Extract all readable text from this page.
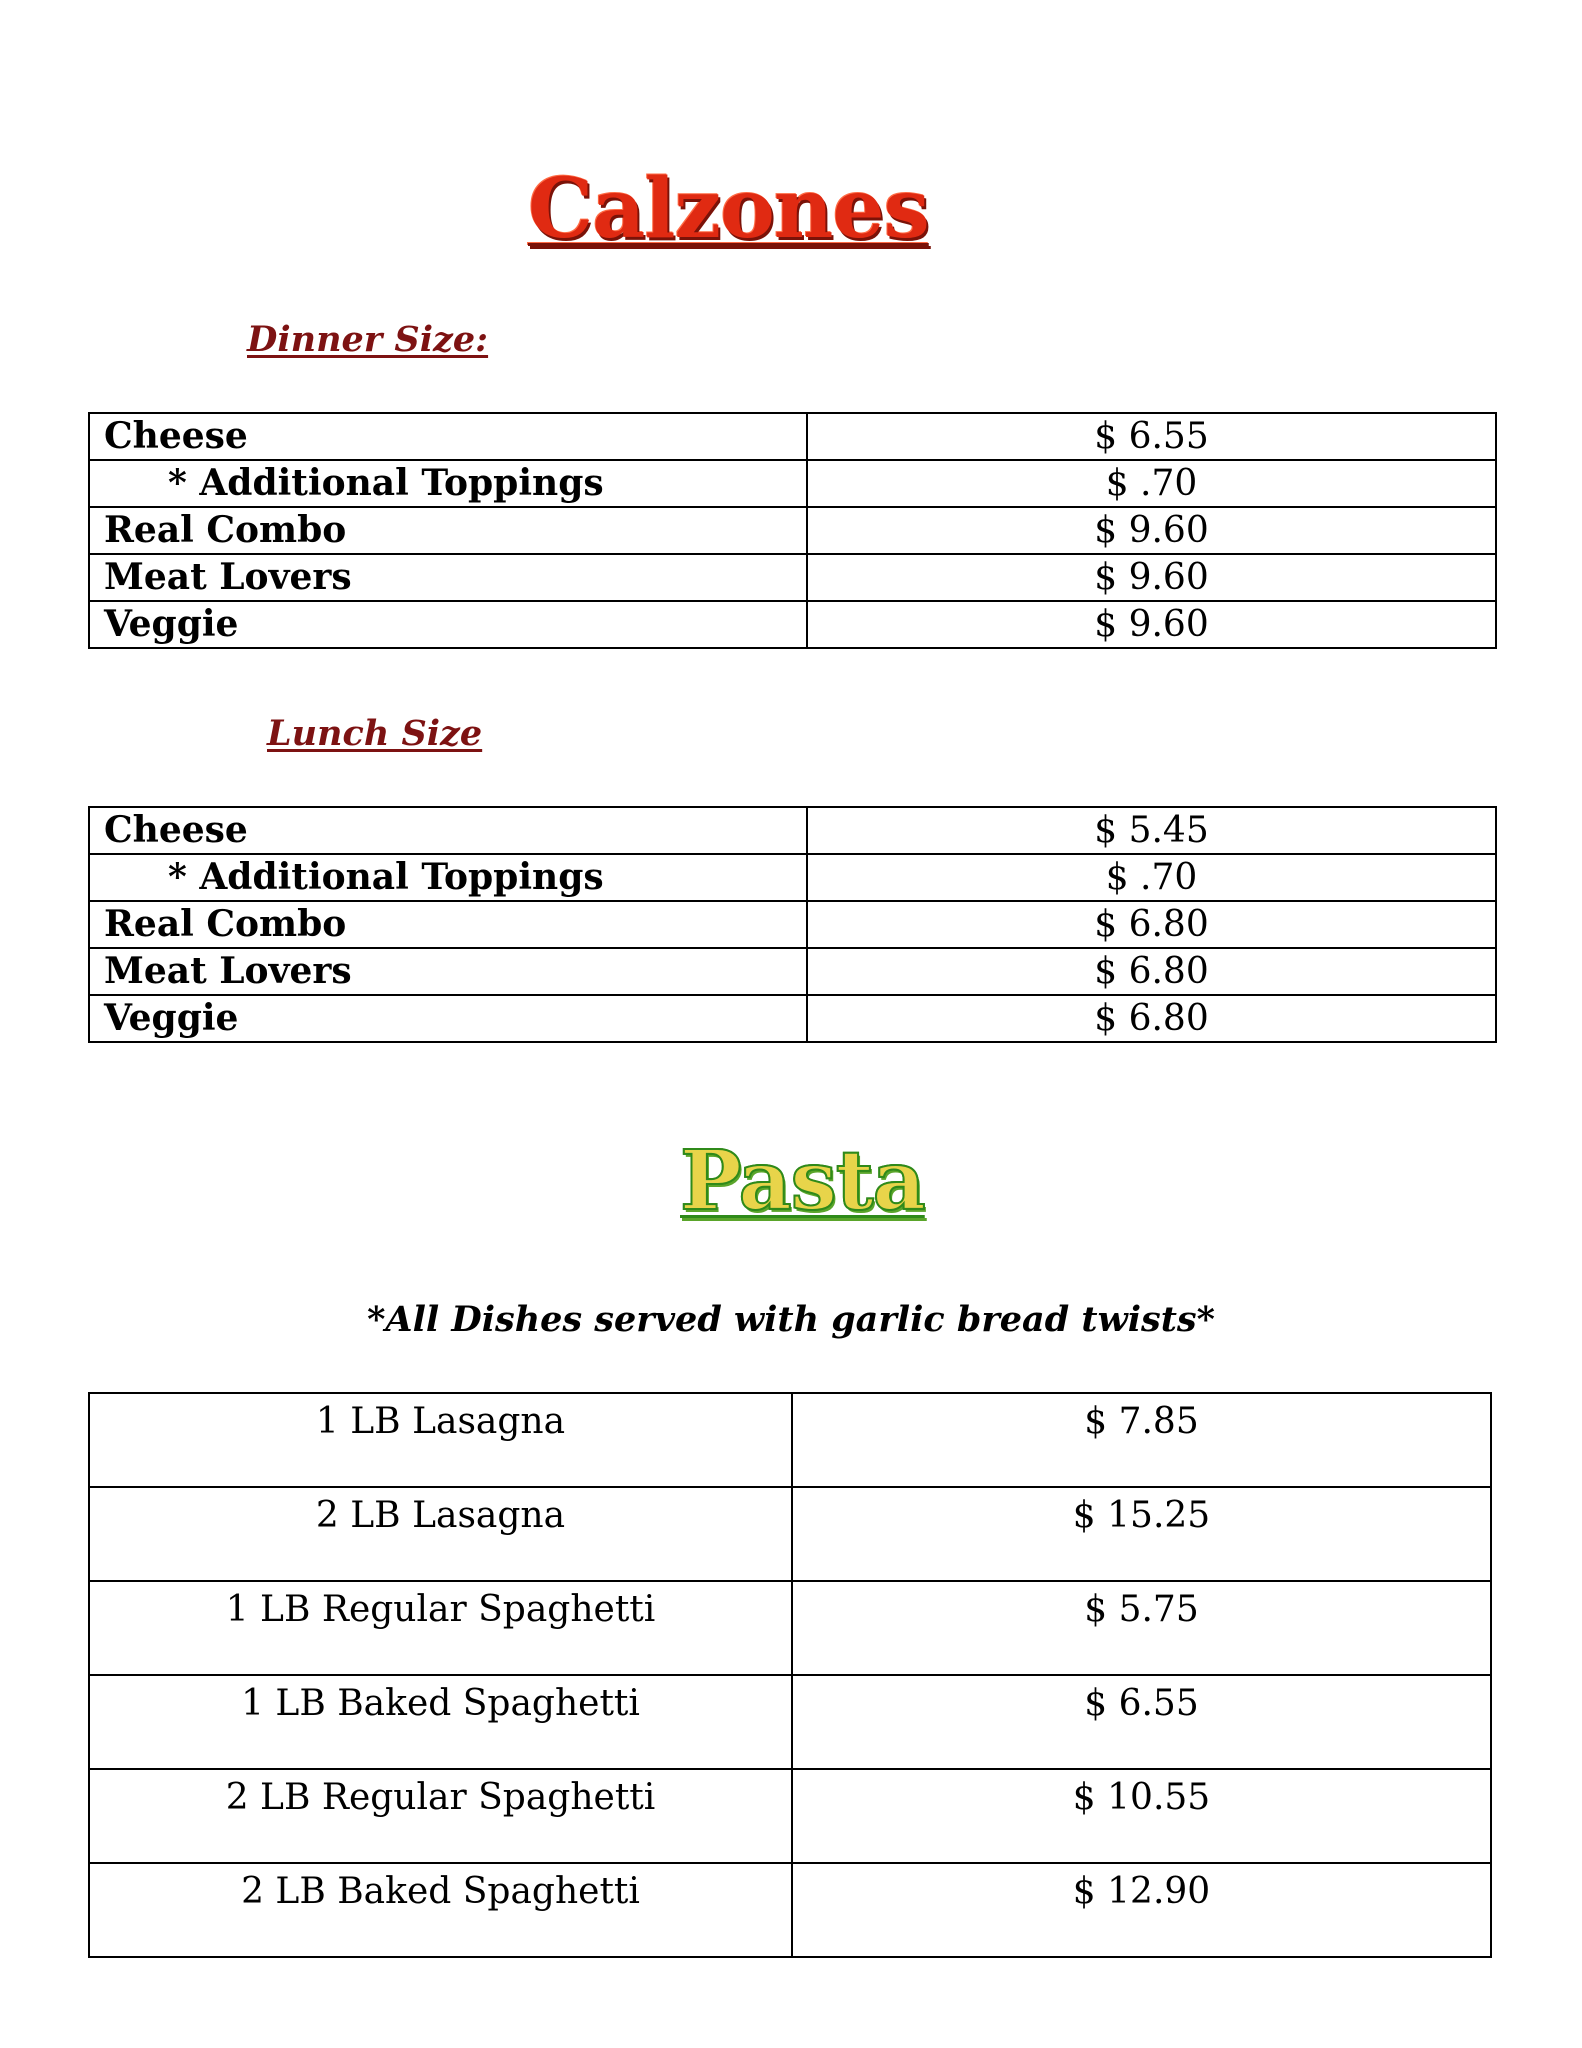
Calzones
Dinner Size:
Cheese	$ 6.55
* Additional Toppings	$ .70
Real Combo	$ 9.60
Meat Lovers	$ 9.60
Veggie	$ 9.60
Lunch Size
Cheese	$ 5.45
* Additional Toppings	$ .70
Real Combo	$ 6.80
Meat Lovers	$ 6.80
Veggie	$ 6.80
Pasta

*All Dishes served with garlic bread twists*

1 LB Lasagna	$ 7.85
2 LB Lasagna	$ 15.25
1 LB Regular Spaghetti	$ 5.75
1 LB Baked Spaghetti	$ 6.55
2 LB Regular Spaghetti	$ 10.55
2 LB Baked Spaghetti	$ 12.90
